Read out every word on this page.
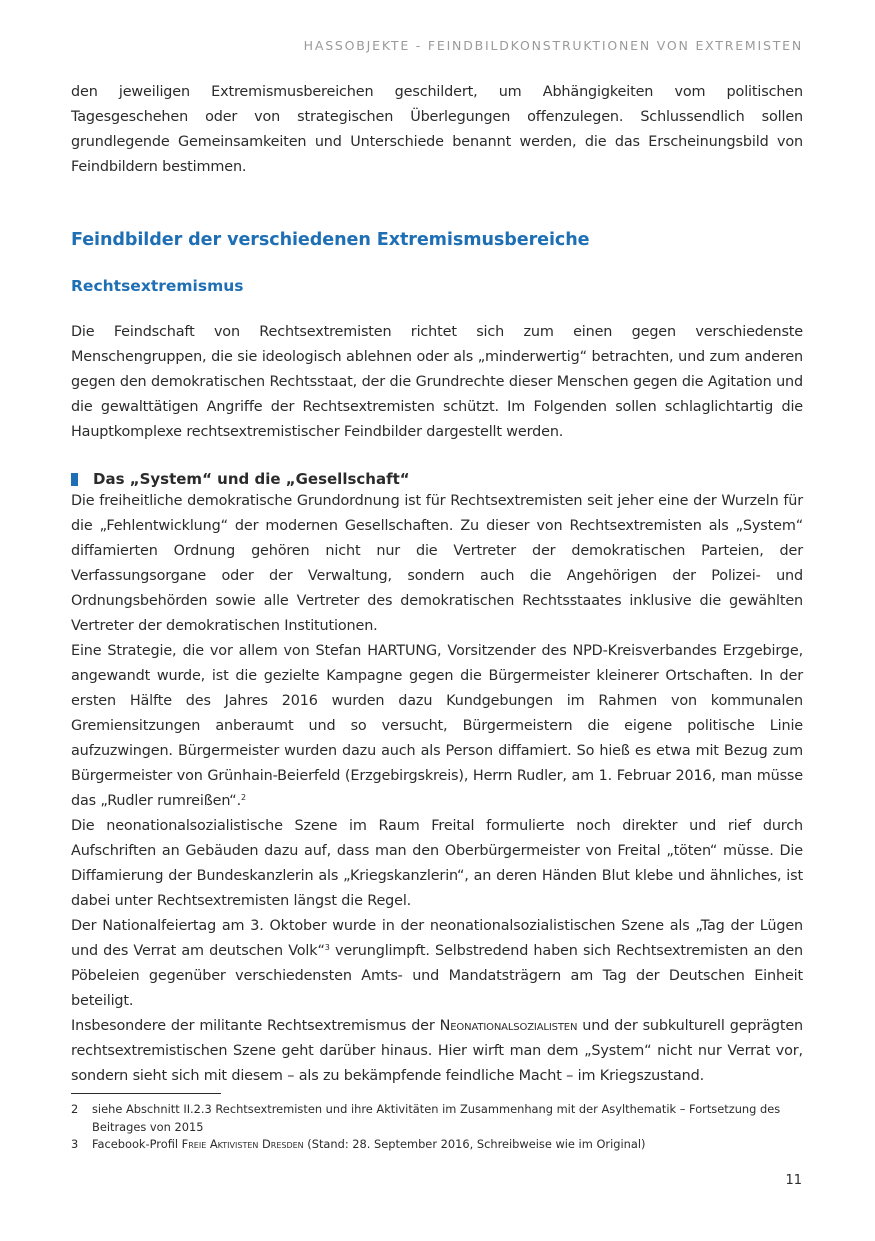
HASSOBJEKTE - FEINDBILDKONSTRUKTIONEN VON EXTREMISTEN

den jeweiligen Extremismusbereichen geschildert, um Abhängigkeiten vom politischen Tagesgeschehen oder von strategischen Überlegungen offenzulegen. Schlussendlich sollen grundlegende Gemeinsamkeiten und Unterschiede benannt werden, die das Erscheinungsbild von Feindbildern bestimmen.

Feindbilder der verschiedenen Extremismusbereiche
Rechtsextremismus

Die Feindschaft von Rechtsextremisten richtet sich zum einen gegen verschiedenste Menschengruppen, die sie ideologisch ablehnen oder als „minderwertig“ betrachten, und zum anderen gegen den demokratischen Rechtsstaat, der die Grundrechte dieser Menschen gegen die Agitation und die gewalttätigen Angriffe der Rechtsextremisten schützt. Im Folgenden sollen schlaglichtartig die Hauptkomplexe rechtsextremistischer Feindbilder dargestellt werden.

Das „System“ und die „Gesellschaft“

Die freiheitliche demokratische Grundordnung ist für Rechtsextremisten seit jeher eine der Wurzeln für die „Fehlentwicklung“ der modernen Gesellschaften. Zu dieser von Rechtsextremisten als „System“ diffamierten Ordnung gehören nicht nur die Vertreter der demokratischen Parteien, der Verfassungsorgane oder der Verwaltung, sondern auch die Angehörigen der Polizei- und Ordnungsbehörden sowie alle Vertreter des demokratischen Rechtsstaates inklusive die gewählten Vertreter der demokratischen Institutionen.

Eine Strategie, die vor allem von Stefan HARTUNG, Vorsitzender des NPD-Kreisverbandes Erzgebirge, angewandt wurde, ist die gezielte Kampagne gegen die Bürgermeister kleinerer Ortschaften. In der ersten Hälfte des Jahres 2016 wurden dazu Kundgebungen im Rahmen von kommunalen Gremiensitzungen anberaumt und so versucht, Bürgermeistern die eigene politische Linie aufzuzwingen. Bürgermeister wurden dazu auch als Person diffamiert. So hieß es etwa mit Bezug zum Bürgermeister von Grünhain-Beierfeld (Erzgebirgskreis), Herrn Rudler, am 1. Februar 2016, man müsse das „Rudler rumreißen“.$^2$

Die neonationalsozialistische Szene im Raum Freital formulierte noch direkter und rief durch Aufschriften an Gebäuden dazu auf, dass man den Oberbürgermeister von Freital „töten“ müsse. Die Diffamierung der Bundeskanzlerin als „Kriegskanzlerin“, an deren Händen Blut klebe und ähnliches, ist dabei unter Rechtsextremisten längst die Regel.

Der Nationalfeiertag am 3. Oktober wurde in der neonationalsozialistischen Szene als „Tag der Lügen und des Verrat am deutschen Volk“$^3$ verunglimpft. Selbstredend haben sich Rechtsextremisten an den Pöbeleien gegenüber verschiedensten Amts- und Mandatsträgern am Tag der Deutschen Einheit beteiligt.

Insbesondere der militante Rechtsextremismus der Neonationalsozialisten und der subkulturell geprägten rechtsextremistischen Szene geht darüber hinaus. Hier wirft man dem „System“ nicht nur Verrat vor, sondern sieht sich mit diesem – als zu bekämpfende feindliche Macht – im Kriegszustand.

2	siehe Abschnitt II.2.3 Rechtsextremisten und ihre Aktivitäten im Zusammenhang mit der Asylthematik – Fortsetzung des Beitrages von 2015
3	Facebook-Profil Freie Aktivisten Dresden (Stand: 28. September 2016, Schreibweise wie im Original)
11
